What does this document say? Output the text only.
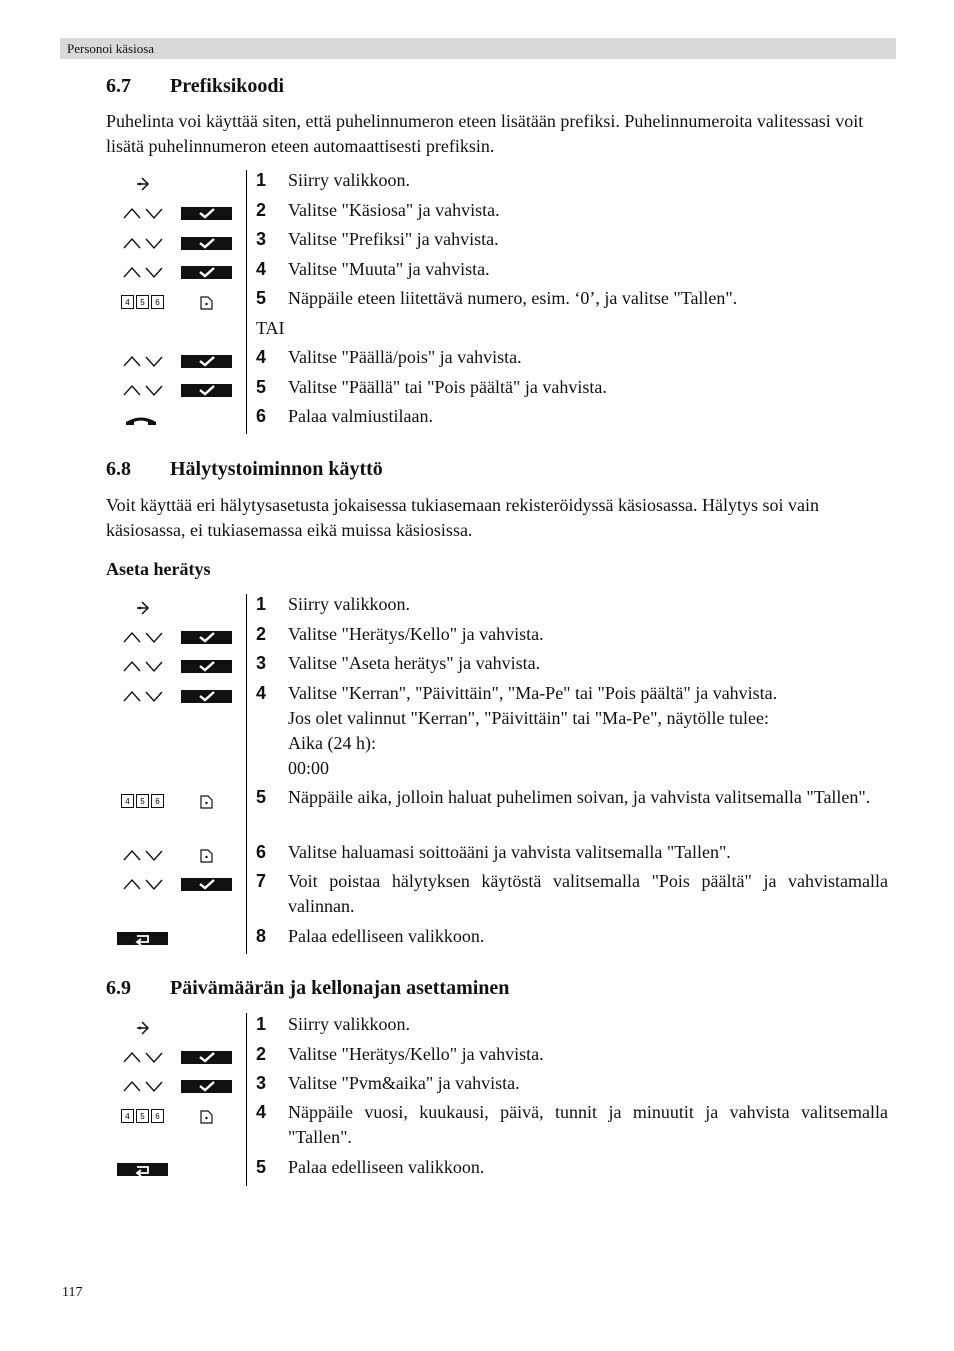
Personoi käsiosa
6.7 Prefiksikoodi
Puhelinta voi käyttää siten, että puhelinnumeron eteen lisätään prefiksi. Puhelinnumeroita valitessasi voit lisätä puhelinnumeron eteen automaattisesti prefiksin.
1 Siirry valikkoon.
2 Valitse "Käsiosa" ja vahvista.
3 Valitse "Prefiksi" ja vahvista.
4 Valitse "Muuta" ja vahvista.
4 5 6	5 Näppäile eteen liitettävä numero, esim. ‘0’, ja valitse "Tallen".
TAI
4 Valitse "Päällä/pois" ja vahvista.
5 Valitse "Päällä" tai "Pois päältä" ja vahvista.
6 Palaa valmiustilaan.
6.8 Hälytystoiminnon käyttö
Voit käyttää eri hälytysasetusta jokaisessa tukiasemaan rekisteröidyssä käsiosassa. Hälytys soi vain käsiosassa, ei tukiasemassa eikä muissa käsiosissa.
Aseta herätys
1 Siirry valikkoon.
2 Valitse "Herätys/Kello" ja vahvista.
3 Valitse "Aseta herätys" ja vahvista.
4 Valitse "Kerran", "Päivittäin", "Ma-Pe" tai "Pois päältä" ja vahvista.
Jos olet valinnut "Kerran", "Päivittäin" tai "Ma-Pe", näytölle tulee:
Aika (24 h):
00:00
4 5 6	5 Näppäile aika, jolloin haluat puhelimen soivan, ja vahvista valitsemalla "Tallen".
6 Valitse haluamasi soittoääni ja vahvista valitsemalla "Tallen".
7 Voit poistaa hälytyksen käytöstä valitsemalla "Pois päältä" ja vahvistamalla valinnan.
8 Palaa edelliseen valikkoon.
6.9 Päivämäärän ja kellonajan asettaminen
1 Siirry valikkoon.
2 Valitse "Herätys/Kello" ja vahvista.
3 Valitse "Pvm&aika" ja vahvista.
4 5 6	4 Näppäile vuosi, kuukausi, päivä, tunnit ja minuutit ja vahvista valitsemalla "Tallen".
5 Palaa edelliseen valikkoon.
117
